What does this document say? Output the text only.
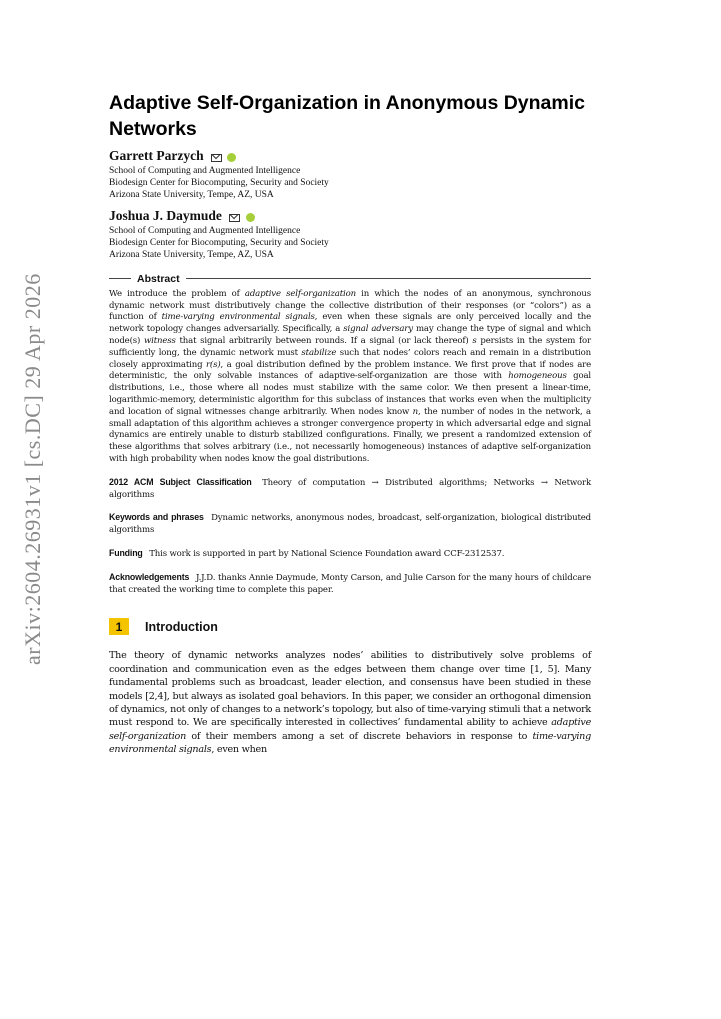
arXiv:2604.26931v1 [cs.DC] 29 Apr 2026
Adaptive Self-Organization in Anonymous Dynamic Networks

Garrett Parzych

School of Computing and Augmented Intelligence

Biodesign Center for Biocomputing, Security and Society

Arizona State University, Tempe, AZ, USA

Joshua J. Daymude

School of Computing and Augmented Intelligence

Biodesign Center for Biocomputing, Security and Society

Arizona State University, Tempe, AZ, USA

Abstract

We introduce the problem of adaptive self-organization in which the nodes of an anonymous, synchronous dynamic network must distributively change the collective distribution of their responses (or “colors”) as a function of time-varying environmental signals, even when these signals are only perceived locally and the network topology changes adversarially. Specifically, a signal adversary may change the type of signal and which node(s) witness that signal arbitrarily between rounds. If a signal (or lack thereof) s persists in the system for sufficiently long, the dynamic network must stabilize such that nodes’ colors reach and remain in a distribution closely approximating r(s), a goal distribution defined by the problem instance. We first prove that if nodes are deterministic, the only solvable instances of adaptive-self-organization are those with homogeneous goal distributions, i.e., those where all nodes must stabilize with the same color. We then present a linear-time, logarithmic-memory, deterministic algorithm for this subclass of instances that works even when the multiplicity and location of signal witnesses change arbitrarily. When nodes know n, the number of nodes in the network, a small adaptation of this algorithm achieves a stronger convergence property in which adversarial edge and signal dynamics are entirely unable to disturb stabilized configurations. Finally, we present a randomized extension of these algorithms that solves arbitrary (i.e., not necessarily homogeneous) instances of adaptive self-organization with high probability when nodes know the goal distributions.

2012 ACM Subject Classification Theory of computation → Distributed algorithms; Networks → Network algorithms

Keywords and phrases Dynamic networks, anonymous nodes, broadcast, self-organization, biological distributed algorithms

Funding This work is supported in part by National Science Foundation award CCF-2312537.

Acknowledgements J.J.D. thanks Annie Daymude, Monty Carson, and Julie Carson for the many hours of childcare that created the working time to complete this paper.

1	Introduction

The theory of dynamic networks analyzes nodes’ abilities to distributively solve problems of coordination and communication even as the edges between them change over time [1, 5]. Many fundamental problems such as broadcast, leader election, and consensus have been studied in these models [2,4], but always as isolated goal behaviors. In this paper, we consider an orthogonal dimension of dynamics, not only of changes to a network’s topology, but also of time-varying stimuli that a network must respond to. We are specifically interested in collectives’ fundamental ability to achieve adaptive self-organization of their members among a set of discrete behaviors in response to time-varying environmental signals, even when
